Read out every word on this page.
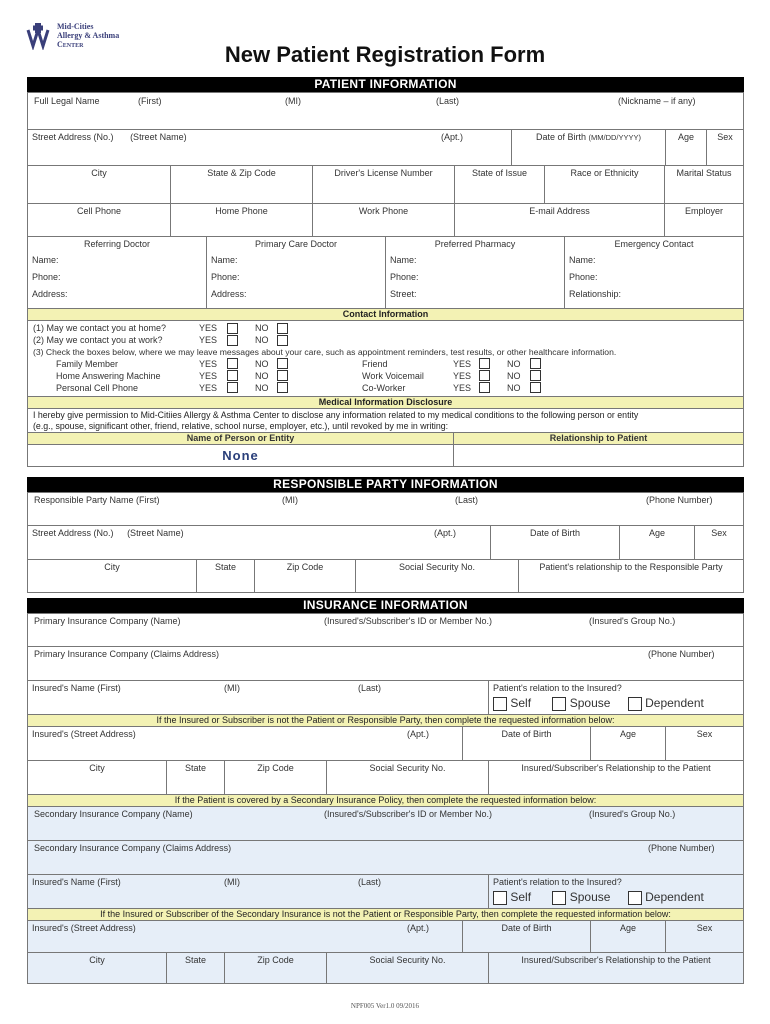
Mid-Cities
Allergy & Asthma
Center	New Patient Registration Form
PATIENT INFORMATION
Full Legal Name	(First)	(MI)	(Last)	(Nickname – if any)
Street Address (No.) (Street Name)	(Apt.)	Date of Birth (MM/DD/YYYY)	Age	Sex
City	State & Zip Code	Driver's License Number	State of Issue	Race or Ethnicity	Marital Status
Cell Phone	Home Phone	Work Phone	E-mail Address	Employer
Referring Doctor
Name:
Phone:
Address:
Primary Care Doctor
Name:
Phone:
Address:
Preferred Pharmacy
Name:
Phone:
Street:
Emergency Contact
Name:
Phone:
Relationship:
Contact Information
(1) May we contact you at home?	YES	NO
(2) May we contact you at work?	YES	NO
(3) Check the boxes below, where we may leave messages about your care, such as appointment reminders, test results, or other healthcare information.
Family Member	YES	NO
Home Answering Machine	YES	NO
Personal Cell Phone	YES	NO
Friend	YES	NO
Work Voicemail	YES	NO
Co-Worker	YES	NO
Medical Information Disclosure
I hereby give permission to Mid-Citiies Allergy & Asthma Center to disclose any information related to my medical conditions to the following person or entity
(e.g., spouse, significant other, friend, relative, school nurse, employer, etc.), until revoked by me in writing:
Name of Person or Entity	Relationship to Patient
None
RESPONSIBLE PARTY INFORMATION
Responsible Party Name (First)	(MI)	(Last)	(Phone Number)
Street Address (No.) (Street Name)	(Apt.)	Date of Birth	Age	Sex
City	State	Zip Code	Social Security No.	Patient's relationship to the Responsible Party
INSURANCE INFORMATION
Primary Insurance Company (Name)	(Insured's/Subscriber's ID or Member No.)	(Insured's Group No.)
Primary Insurance Company (Claims Address)	(Phone Number)
Insured's Name (First)	(MI)	(Last)	Patient's relation to the Insured?
Self	Spouse	Dependent
If the Insured or Subscriber is not the Patient or Responsible Party, then complete the requested information below:
Insured's (Street Address)	(Apt.)	Date of Birth	Age	Sex
City	State	Zip Code	Social Security No.	Insured/Subscriber's Relationship to the Patient
If the Patient is covered by a Secondary Insurance Policy, then complete the requested information below:
Secondary Insurance Company (Name)	(Insured's/Subscriber's ID or Member No.)	(Insured's Group No.)
Secondary Insurance Company (Claims Address)	(Phone Number)
Insured's Name (First)	(MI)	(Last)	Patient's relation to the Insured?
Self	Spouse	Dependent
If the Insured or Subscriber of the Secondary Insurance is not the Patient or Responsible Party, then complete the requested information below:
Insured's (Street Address)	(Apt.)	Date of Birth	Age	Sex
City	State	Zip Code	Social Security No.	Insured/Subscriber's Relationship to the Patient
NPF005 Ver1.0 09/2016
